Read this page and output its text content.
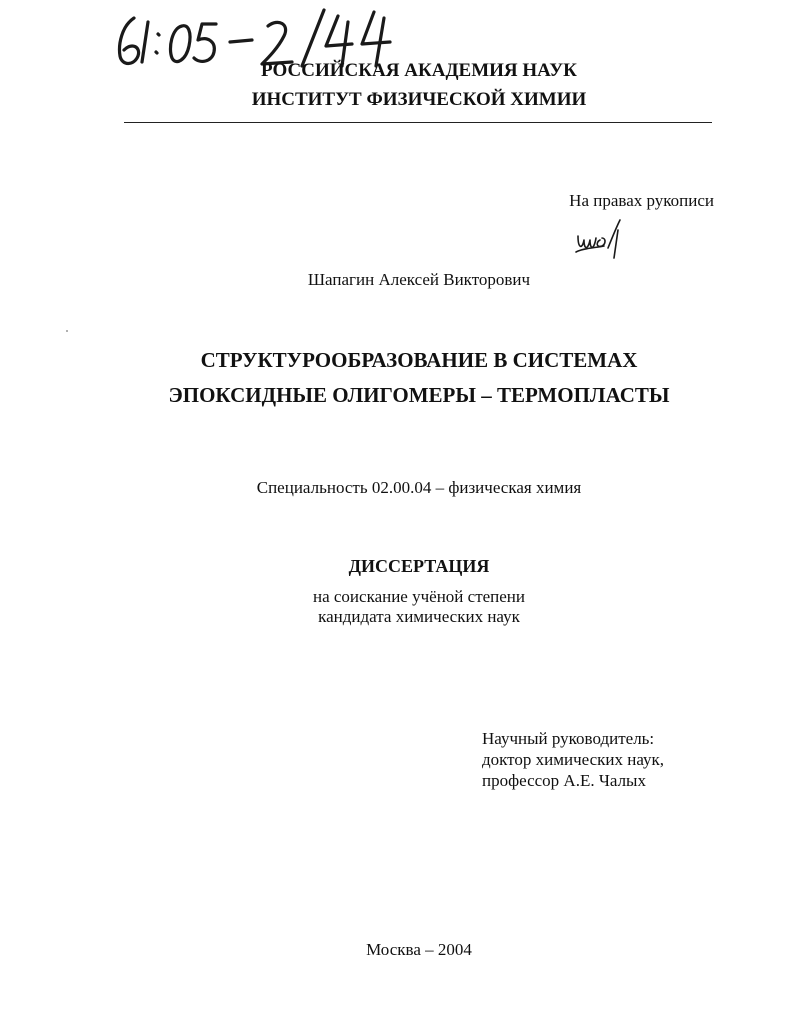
РОССИЙСКАЯ АКАДЕМИЯ НАУК
ИНСТИТУТ ФИЗИЧЕСКОЙ ХИМИИ
На правах рукописи
Шапагин Алексей Викторович
СТРУКТУРООБРАЗОВАНИЕ В СИСТЕМАХ
ЭПОКСИДНЫЕ ОЛИГОМЕРЫ – ТЕРМОПЛАСТЫ
Специальность 02.00.04 – физическая химия
ДИССЕРТАЦИЯ
на соискание учёной степени
кандидата химических наук
Научный руководитель:
доктор химических наук,
профессор А.Е. Чалых
Москва – 2004
